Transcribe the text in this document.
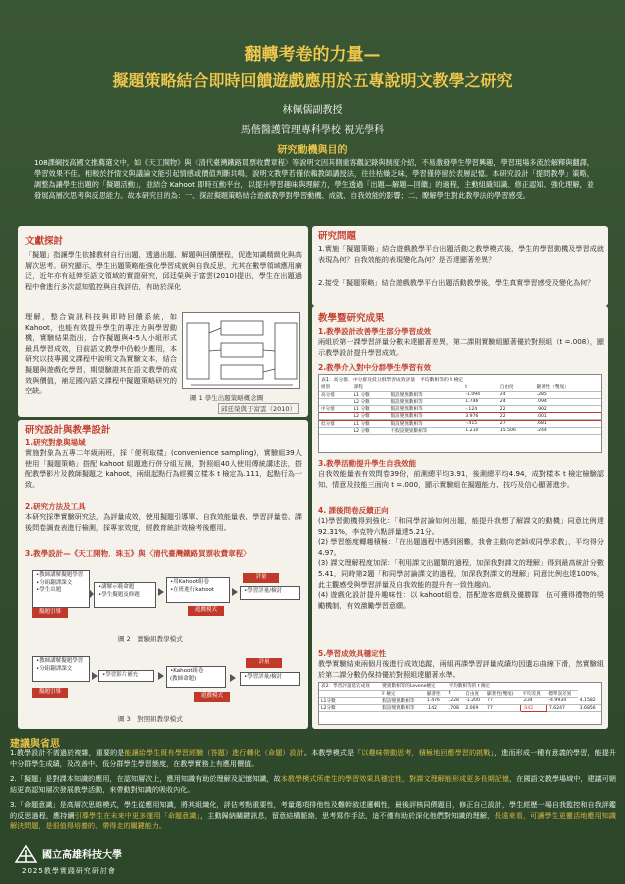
翻轉考卷的力量—
擬題策略結合即時回饋遊戲應用於五專說明文教學之研究
林佩儒副教授
馬偕醫護管理專科學校 視光學科
研究動機與目的
108課綱技高國文推薦選文中，如《天工開物》與〈清代臺灣鐵路買票收費章程〉等說明文因其側重客觀記錄與制度介紹，不易激發學生學習興趣，學習現場多流於解釋與翻譯，學習效果不佳。相較於抒情文與議論文能引起情感或價值判斷共鳴，說明文教學若僅依賴教師講授法，往往枯燥乏味，學習僅停留於表層記憶。本研究設計「提問教學」策略，調整為讓學生出題的「擬題活動」，並結合 Kahoot 即時互動平台，以提升學習趣味與理解力，學生透過「出題—解題—回饋」的過程，主動組織知識、修正認知、強化理解，並發展高層次思考與反思能力。故本研究目的為：一、探討擬題策略結合遊戲教學對學習動機、成就、自我效能的影響；二、瞭解學生對此教學法的學習感受。
文獻探討
「擬題」指讓學生依據教材自行出題，透過出題、解題與回饋歷程，促進知識精緻化與高層次思考。研究顯示，學生出題策略能強化學習成就與自我反思，尤其在數學領域應用廣泛，近年亦有延伸至語文領域的實證研究，邱廷榮與于富雲(2010)提出，學生在出題過程中會進行多次認知監控與自我評估，有助於深化
理解，整合資訊科技與即時回饋系統，如 Kahoot，也能有效提升學生的專注力與學習動機，實驗結果指出，合作擬題與4-5人小組形式最具學習成效，目前語文教學中仍較少應用，本研究以技專國文課程中說明文為實驗文本，結合擬題與遊戲化學習，期望驗證其在語文教學的成效與價值，補足國內語文課程中擬題策略研究的空缺。
圖 1 學生出題策略概念圖
邱廷榮與于富雲（2010）
研究設計與教學設計
1.研究對象與場域
實施對象為五專二年級兩班，採「便利取樣」(convenience sampling)，實驗組39人使用「擬題策略」搭配 kahoot 組題進行併分組互測，對照組40人使用傳統講述法，搭配教學影片及教師擬題之 kahoot，兩組起點行為經獨立樣本 t 檢定為.111，起點行為一致。
2.研究方法及工具
本研究採準實驗研究法，為評量成效，使用擬題引導單、自我效能量表、學習評量卷、課後問卷調查表進行檢測，採專家效度，經教育統計效檢考後應用。
3.教學設計—《天工開物．珠玉》與〈清代臺灣鐵路買票收費章程〉
•教師講解擬題學習
•分組翻譯課文
•學生出題
擬題引導
•講解示範命題
•學生擬題及修題
•用Kahoot組卷
•在班進行kahoot
遊戲模式
評量
•學習評量/檢討
圖 2　實驗組教學模式
•教師講解擬題學習
•分組翻譯課文
擬題引導
•學習影片補充
•Kahoot組卷
(教師命題)
遊戲模式
評量
•學習評量/檢討
圖 3　對照組教學模式
研究問題
1.實施「擬題策略」結合遊戲教學平台出題活動之教學模式後，學生的學習動機及學習成就表現為何？自我效能的表現變化為何？是否達顯著差異？
2.接受「擬題策略」結合遊戲教學平台出題活動教學後，學生真實學習感受及變化為何？
教學暨研究成果
1.教學設計改善學生部分學習成效
兩組於第一課學習評量分數未達顯著差異，第二課則實驗組顯著優於對照組（t =.008），顯示教學設計提升學習成效。
2.教學介入對中分群學生學習有效
表1：高分群、中分群及低分群學習成效評量　平均數相等的 t 檢定
組別	課程		t	自由度	顯著性（雙尾）
高分群	L1 分數	假設變異數相等	-1.094	24	.285
	L2 分數	假設變異數相等	1.746	24	.094
中分群	L1 分數	假設變異數相等	-.124	22	.902
	L2 分數	假設變異數相等	3.976	22	.001
低分群	L1 分數	假設變異數相等	-.415	27	.681
	L2 分數	不假設變異數相等	1.210	15.506	.244
3.教學活動提升學生自我效能
自我效能量表有效問卷39份，前測總平均3.91，後測總平均4.94，成對樣本 t 檢定檢驗認知、情意及技能三面向 t =.000，顯示實驗組在擬題能力、技巧及信心顯著進步。
4. 課後問卷反饋正向
(1)學習動機得到強化：「和同學討論如何出題，能提升我想了解課文的動機」同意比例達92.31%，李克特六點評量達5.21分。
(2) 學習態度轉趨積極：「在出題過程中遇到困難，我會主動向老師或同學求教」，平均得分4.97。
(3) 課文理解程度加深：「利用課文出題類的過程，加深我對課文的理解」得到最高統計分數5.41，同時第2題「和同學討論課文的過程，加深我對課文的理解」同意比例也達100%，此主觀感受與學習評量及自我效能的提升有一致性趨向。
(4) 遊戲化設計提升趣味性：以 kahoot組卷，搭配遊客遊戲及優勝隊　伍可獲得禮物的獎勵機制，有效激勵學習意願。
5.學習成效具穩定性
教學實驗結束兩個月後進行成效追蹤，兩組再課學習評量成績均因遺忘曲線下滑，然實驗組於第二課分數仍保持優於對照組達顯著水準。
表2：學習評量延宕成效	變異數相等的Levene檢定		平均數相等的 t 檢定					
	F 檢定	顯著性	t	自由度	顯著性(雙尾)	平均差異	標準誤差異	
L1分數	假設變異數相等	1.476	.228	-1.200	77	.234	-4.9934	4.1582
L2分數	假設變異數相等	.142	.708	2.069	77	.042	7.6247	3.6856
建議與省思
1.教學設計不需過於複雜，重要的是能讓給學生既有學習經驗（答題）進行轉化（命題）設計。本教學模式是「以趣味帶動思考，積極地回應學習的挑戰」，進而形成一種有意義的學習，能提升中分群學生成績，及改善中、低分群學生學習態度，在教學實務上有應用價值。
2.「擬題」是對課本知識的應用，在認知層次上，應用知識有助於理解及記憶知識，故本教學模式所產生的學習效果具穩定性，對課文理解能形成更多長期記憶，在國語文教學場域中，建議可朝結更高認知層次發展教學活動，來帶動對知識的吸收內化。
3.「命題意識」是高層次思維模式，學生從應用知識，將其組織化，評估考點重要性，考量選項排他性及難幹敘述邏輯性，最後評核同儕題目，修正自己設計，學生經歷一場自我監控和自我評鑑的反思過程，應持續引導學生在未來中更多運用「命題意識」，主動歸納關鍵訊息，留意結構脈絡，思考寫作手法，這不僅有助於深化他們對知識的理解，長遠來看，可讓學生更靈活地應用知識解決問題，是很值得培養的、帶得走的關鍵能力。
國立高雄科技大學
2025教學實踐研究研討會
